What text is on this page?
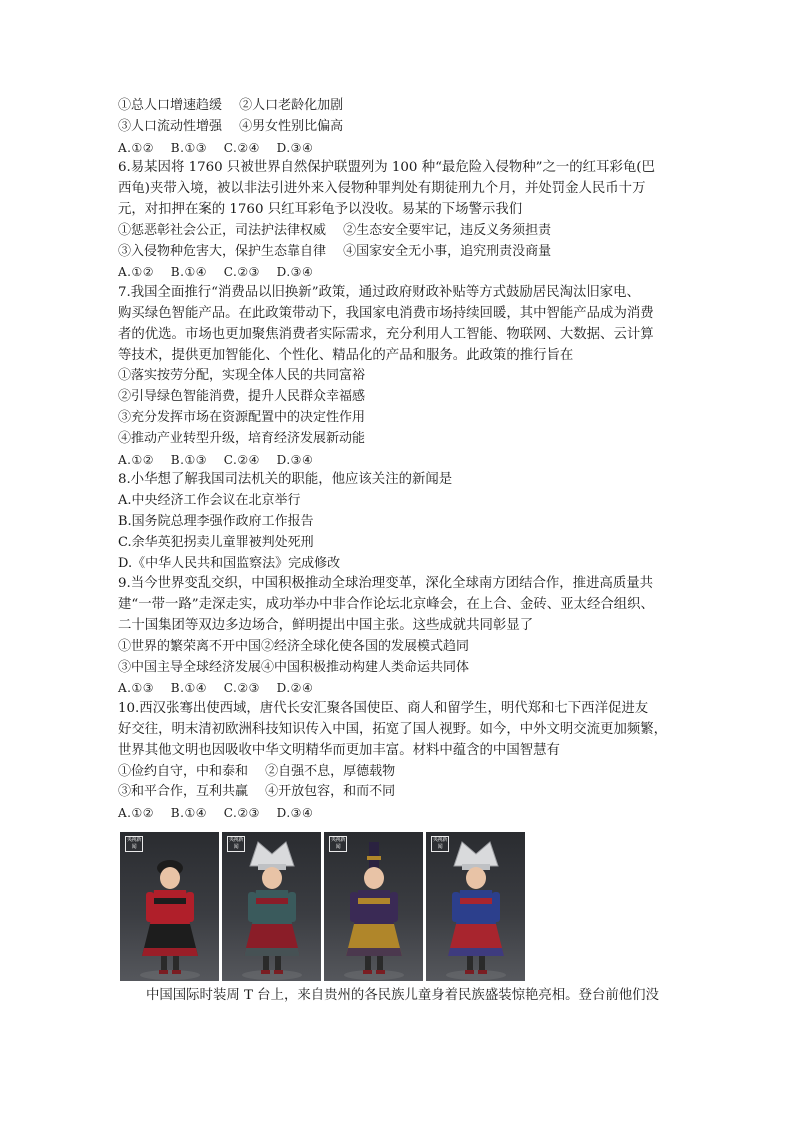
①总人口增速趋缓　 ②人口老龄化加剧
③人口流动性增强　 ④男女性别比偏高
A.①②　 B.①③　 C.②④　 D.③④
6.易某因将 1760 只被世界自然保护联盟列为 100 种“最危险入侵物种”之一的红耳彩龟(巴
西龟)夹带入境，被以非法引进外来入侵物种罪判处有期徒刑九个月，并处罚金人民币十万
元，对扣押在案的 1760 只红耳彩龟予以没收。易某的下场警示我们
①惩恶彰社会公正，司法护法律权威　 ②生态安全要牢记，违反义务须担责
③入侵物种危害大，保护生态靠自律　 ④国家安全无小事，追究刑责没商量
A.①②　 B.①④　 C.②③　 D.③④
7.我国全面推行“消费品以旧换新”政策，通过政府财政补贴等方式鼓励居民淘汰旧家电、
购买绿色智能产品。在此政策带动下，我国家电消费市场持续回暖，其中智能产品成为消费
者的优选。市场也更加聚焦消费者实际需求，充分利用人工智能、物联网、大数据、云计算
等技术，提供更加智能化、个性化、精品化的产品和服务。此政策的推行旨在
①落实按劳分配，实现全体人民的共同富裕
②引导绿色智能消费，提升人民群众幸福感
③充分发挥市场在资源配置中的决定性作用
④推动产业转型升级，培育经济发展新动能
A.①②　 B.①③　 C.②④　 D.③④
8.小华想了解我国司法机关的职能，他应该关注的新闻是
A.中央经济工作会议在北京举行
B.国务院总理李强作政府工作报告
C.余华英犯拐卖儿童罪被判处死刑
D.《中华人民共和国监察法》完成修改
9.当今世界变乱交织，中国积极推动全球治理变革，深化全球南方团结合作，推进高质量共
建“一带一路”走深走实，成功举办中非合作论坛北京峰会，在上合、金砖、亚太经合组织、
二十国集团等双边多边场合，鲜明提出中国主张。这些成就共同彰显了
①世界的繁荣离不开中国②经济全球化使各国的发展模式趋同
③中国主导全球经济发展④中国积极推动构建人类命运共同体
A.①③　 B.①④　 C.②③　 D.②④
10.西汉张骞出使西域，唐代长安汇聚各国使臣、商人和留学生，明代郑和七下西洋促进友
好交往，明末清初欧洲科技知识传入中国，拓宽了国人视野。如今，中外文明交流更加频繁，
世界其他文明也因吸收中华文明精华而更加丰富。材料中蕴含的中国智慧有
①俭约自守，中和泰和　 ②自强不息，厚德载物
③和平合作，互利共赢　 ④开放包容，和而不同
A.①②　 B.①④　 C.②③　 D.③④
央视新闻
央视新闻
央视新闻
央视新闻
中国国际时装周 T 台上，来自贵州的各民族儿童身着民族盛装惊艳亮相。登台前他们没
